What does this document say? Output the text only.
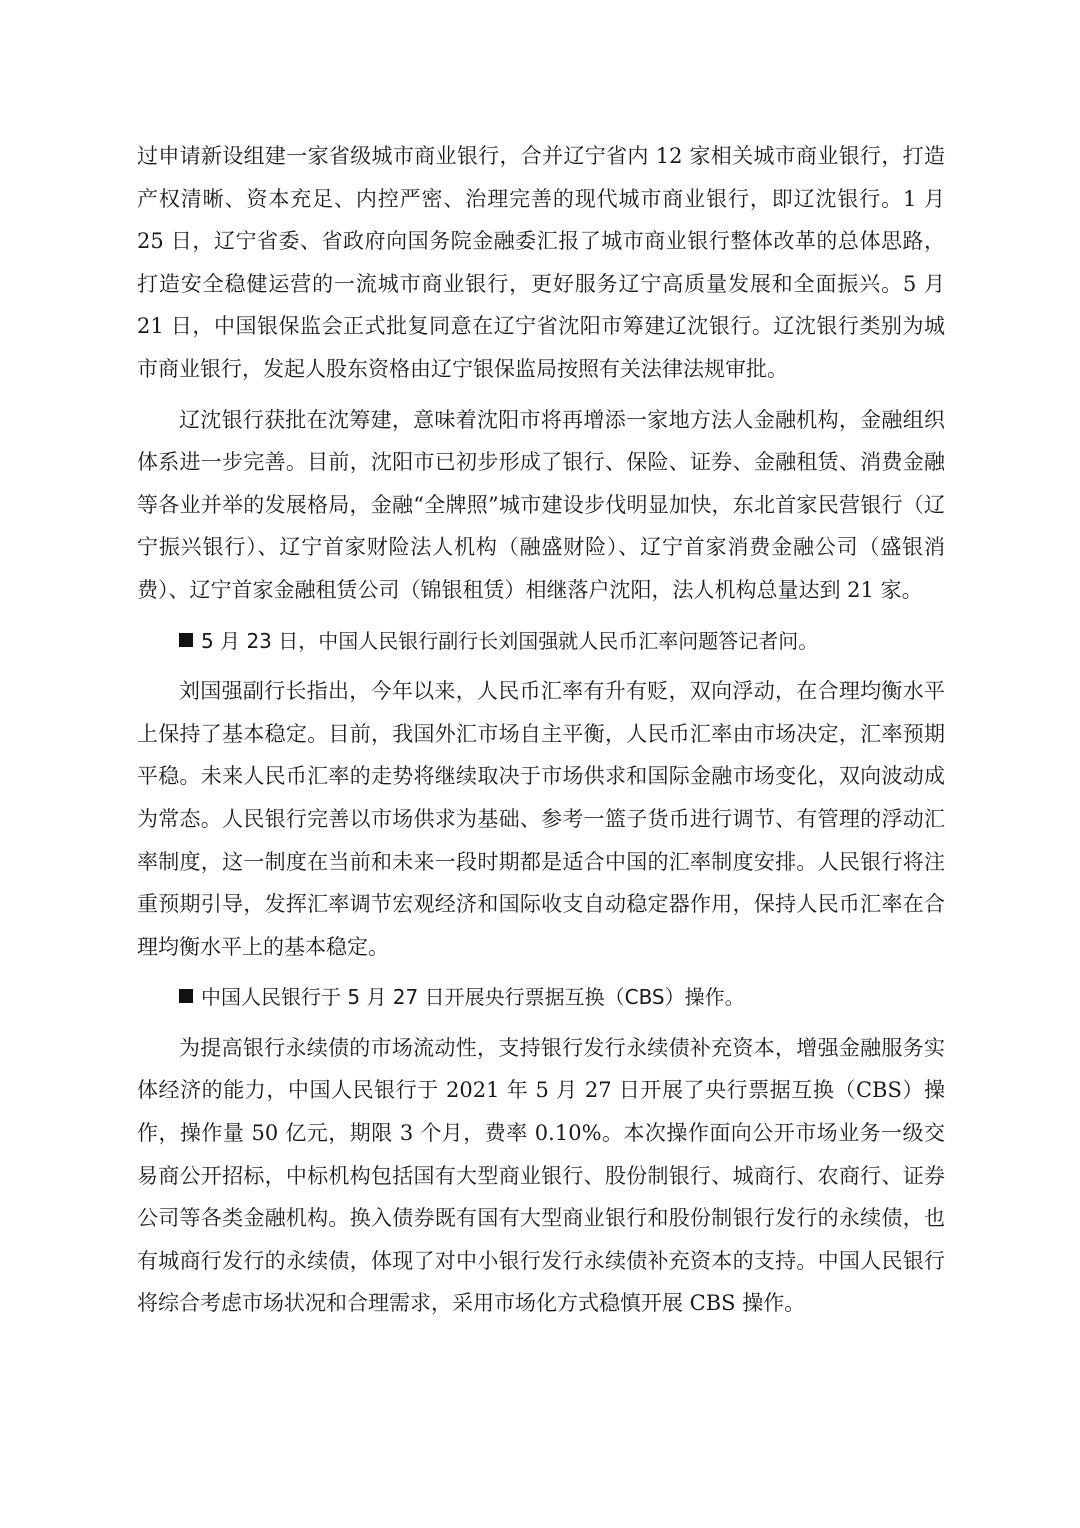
过申请新设组建一家省级城市商业银行，合并辽宁省内 12 家相关城市商业银行，打造产权清晰、资本充足、内控严密、治理完善的现代城市商业银行，即辽沈银行。1 月 25 日，辽宁省委、省政府向国务院金融委汇报了城市商业银行整体改革的总体思路，打造安全稳健运营的一流城市商业银行，更好服务辽宁高质量发展和全面振兴。5 月 21 日，中国银保监会正式批复同意在辽宁省沈阳市筹建辽沈银行。辽沈银行类别为城市商业银行，发起人股东资格由辽宁银保监局按照有关法律法规审批。

辽沈银行获批在沈筹建，意味着沈阳市将再增添一家地方法人金融机构，金融组织体系进一步完善。目前，沈阳市已初步形成了银行、保险、证券、金融租赁、消费金融等各业并举的发展格局，金融“全牌照”城市建设步伐明显加快，东北首家民营银行（辽宁振兴银行）、辽宁首家财险法人机构（融盛财险）、辽宁首家消费金融公司（盛银消费）、辽宁首家金融租赁公司（锦银租赁）相继落户沈阳，法人机构总量达到 21 家。

5 月 23 日，中国人民银行副行长刘国强就人民币汇率问题答记者问。

刘国强副行长指出，今年以来，人民币汇率有升有贬，双向浮动，在合理均衡水平上保持了基本稳定。目前，我国外汇市场自主平衡，人民币汇率由市场决定，汇率预期平稳。未来人民币汇率的走势将继续取决于市场供求和国际金融市场变化，双向波动成为常态。人民银行完善以市场供求为基础、参考一篮子货币进行调节、有管理的浮动汇率制度，这一制度在当前和未来一段时期都是适合中国的汇率制度安排。人民银行将注重预期引导，发挥汇率调节宏观经济和国际收支自动稳定器作用，保持人民币汇率在合理均衡水平上的基本稳定。

中国人民银行于 5 月 27 日开展央行票据互换（CBS）操作。

为提高银行永续债的市场流动性，支持银行发行永续债补充资本，增强金融服务实体经济的能力，中国人民银行于 2021 年 5 月 27 日开展了央行票据互换（CBS）操作，操作量 50 亿元，期限 3 个月，费率 0.10%。本次操作面向公开市场业务一级交易商公开招标，中标机构包括国有大型商业银行、股份制银行、城商行、农商行、证券公司等各类金融机构。换入债券既有国有大型商业银行和股份制银行发行的永续债，也有城商行发行的永续债，体现了对中小银行发行永续债补充资本的支持。中国人民银行将综合考虑市场状况和合理需求，采用市场化方式稳慎开展 CBS 操作。
